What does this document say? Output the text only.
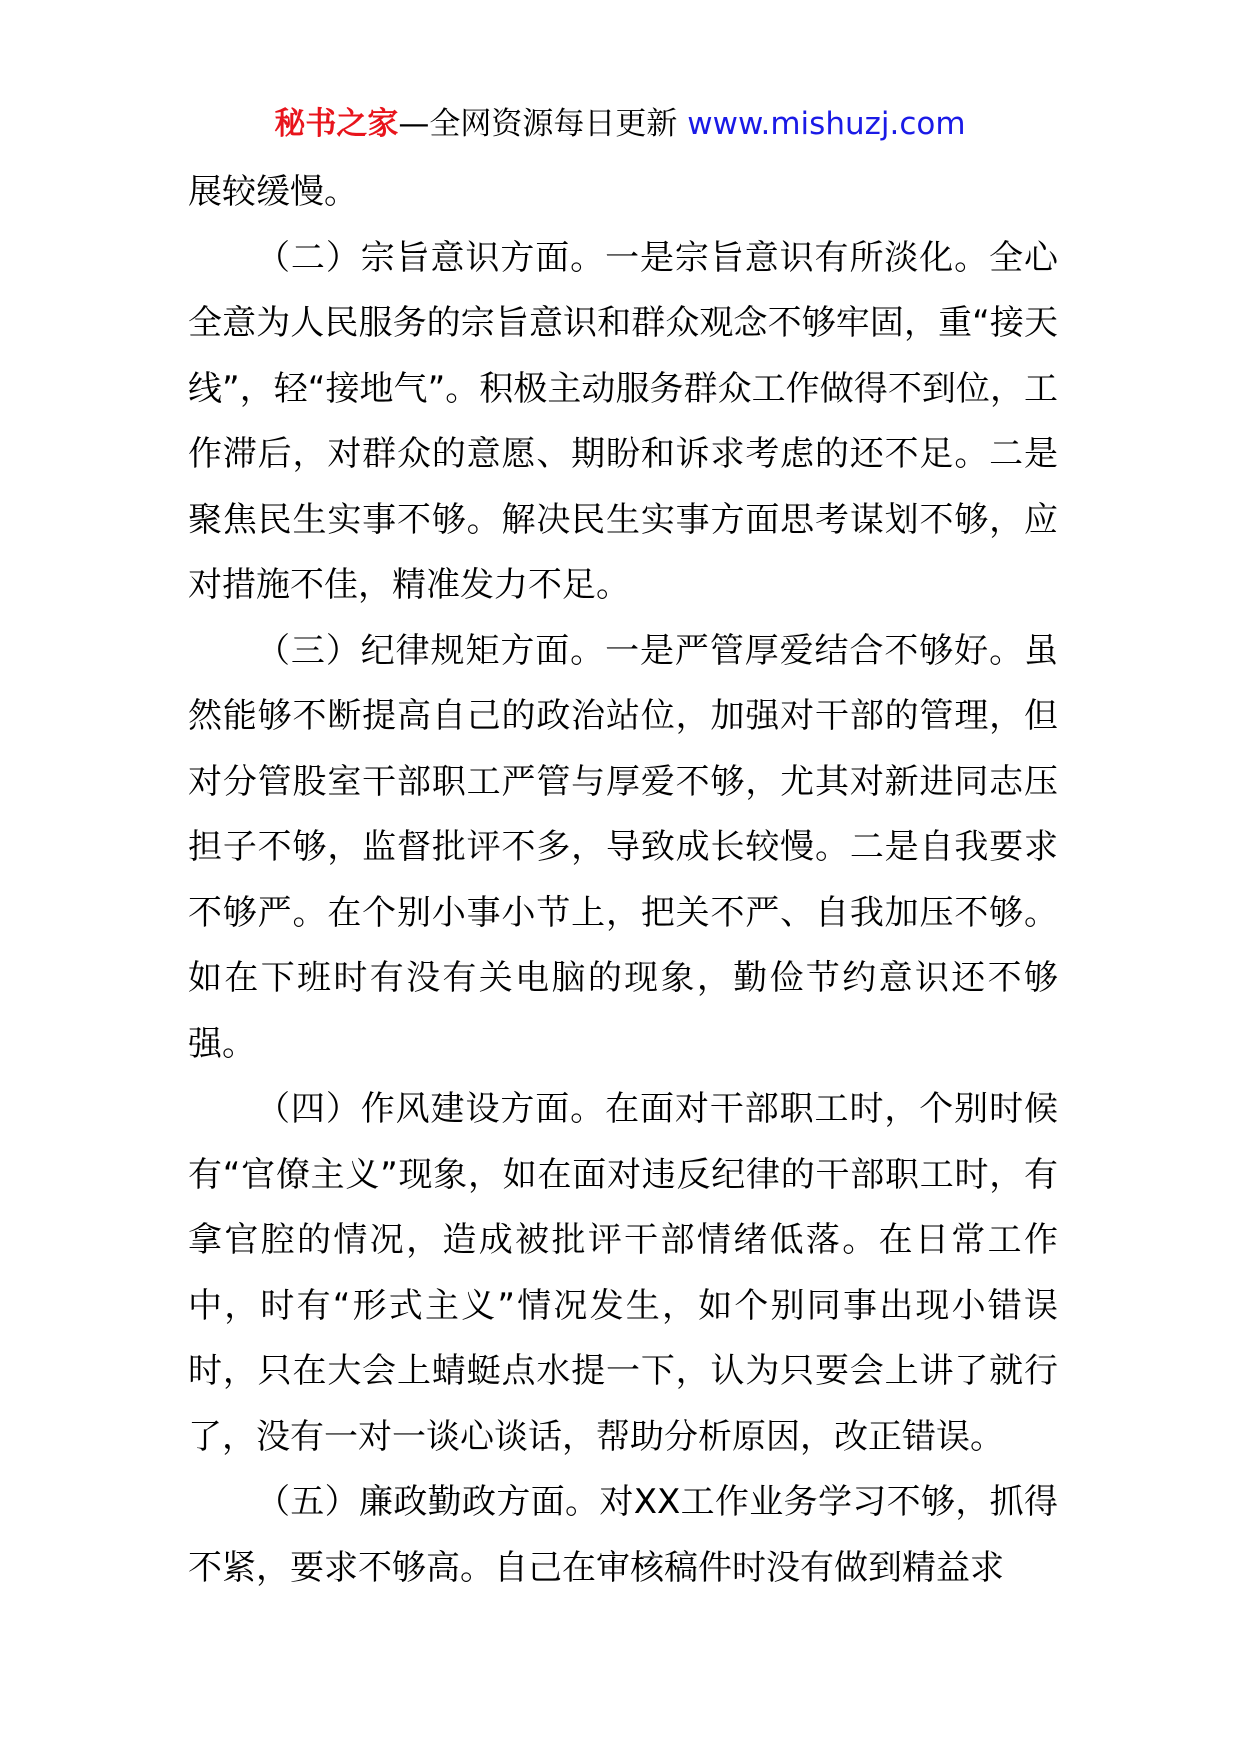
秘书之家—全网资源每日更新 www.mishuzj.com

展较缓慢。

（二）宗旨意识方面。一是宗旨意识有所淡化。全心全意为人民服务的宗旨意识和群众观念不够牢固，重“接天线”，轻“接地气”。积极主动服务群众工作做得不到位，工作滞后，对群众的意愿、期盼和诉求考虑的还不足。二是聚焦民生实事不够。解决民生实事方面思考谋划不够，应对措施不佳，精准发力不足。

（三）纪律规矩方面。一是严管厚爱结合不够好。虽然能够不断提高自己的政治站位，加强对干部的管理，但对分管股室干部职工严管与厚爱不够，尤其对新进同志压担子不够，监督批评不多，导致成长较慢。二是自我要求不够严。在个别小事小节上，把关不严、自我加压不够。如在下班时有没有关电脑的现象，勤俭节约意识还不够强。

（四）作风建设方面。在面对干部职工时，个别时候有“官僚主义”现象，如在面对违反纪律的干部职工时，有拿官腔的情况，造成被批评干部情绪低落。在日常工作中，时有“形式主义”情况发生，如个别同事出现小错误时，只在大会上蜻蜓点水提一下，认为只要会上讲了就行了，没有一对一谈心谈话，帮助分析原因，改正错误。

（五）廉政勤政方面。对XX工作业务学习不够，抓得不紧，要求不够高。自己在审核稿件时没有做到精益求
